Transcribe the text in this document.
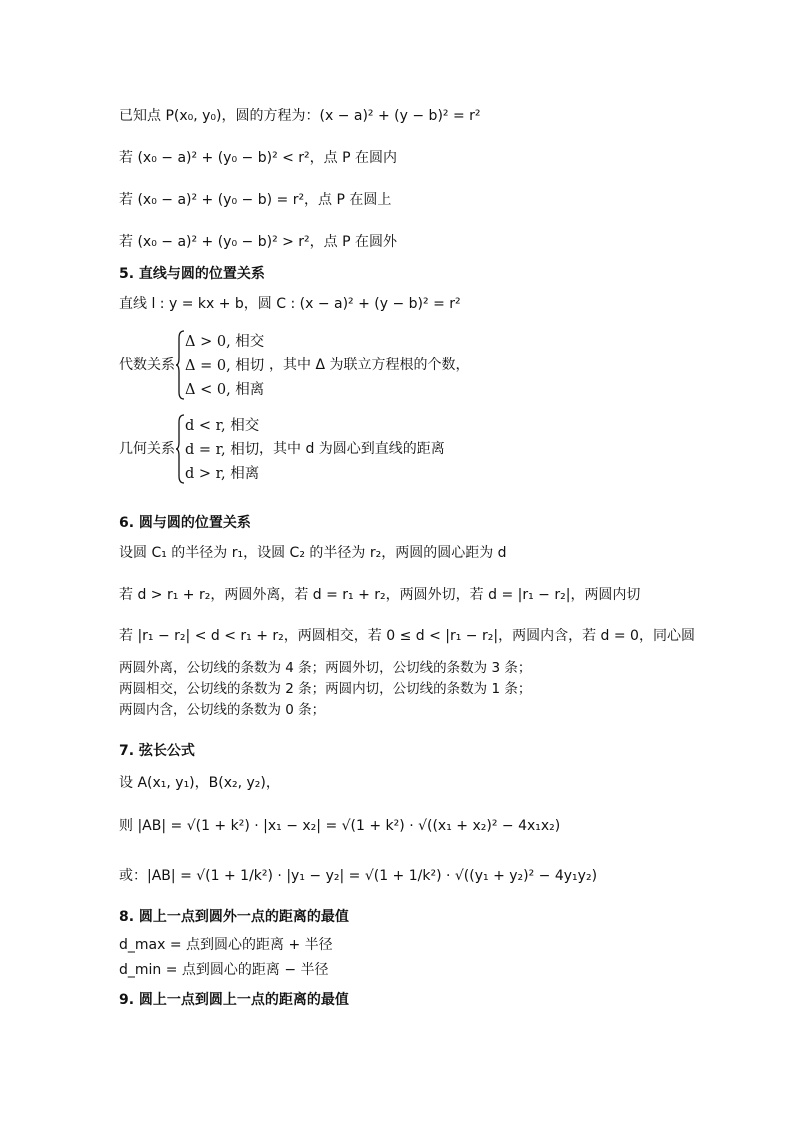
已知点 P(x₀, y₀)，圆的方程为：(x − a)² + (y − b)² = r²
若 (x₀ − a)² + (y₀ − b)² < r²，点 P 在圆内
若 (x₀ − a)² + (y₀ − b) = r²，点 P 在圆上
若 (x₀ − a)² + (y₀ − b)² > r²，点 P 在圆外
5. 直线与圆的位置关系
直线 l : y = kx + b，圆 C : (x − a)² + (y − b)² = r²
代数关系
Δ > 0, 相交
Δ = 0, 相切
Δ < 0, 相离
，其中 Δ 为联立方程根的个数，
几何关系
d < r, 相交
d = r, 相切
d > r, 相离
，其中 d 为圆心到直线的距离
6. 圆与圆的位置关系
设圆 C₁ 的半径为 r₁，设圆 C₂ 的半径为 r₂，两圆的圆心距为 d
若 d > r₁ + r₂，两圆外离，若 d = r₁ + r₂，两圆外切，若 d = |r₁ − r₂|，两圆内切
若 |r₁ − r₂| < d < r₁ + r₂，两圆相交，若 0 ≤ d < |r₁ − r₂|，两圆内含，若 d = 0，同心圆
两圆外离，公切线的条数为 4 条；两圆外切，公切线的条数为 3 条；
两圆相交，公切线的条数为 2 条；两圆内切，公切线的条数为 1 条；
两圆内含，公切线的条数为 0 条；
7. 弦长公式
设 A(x₁, y₁)，B(x₂, y₂)，
则 |AB| = √(1 + k²) · |x₁ − x₂| = √(1 + k²) · √((x₁ + x₂)² − 4x₁x₂)
或：|AB| = √(1 + 1/k²) · |y₁ − y₂| = √(1 + 1/k²) · √((y₁ + y₂)² − 4y₁y₂)
8. 圆上一点到圆外一点的距离的最值
d_max = 点到圆心的距离 + 半径
d_min = 点到圆心的距离 − 半径
9. 圆上一点到圆上一点的距离的最值
